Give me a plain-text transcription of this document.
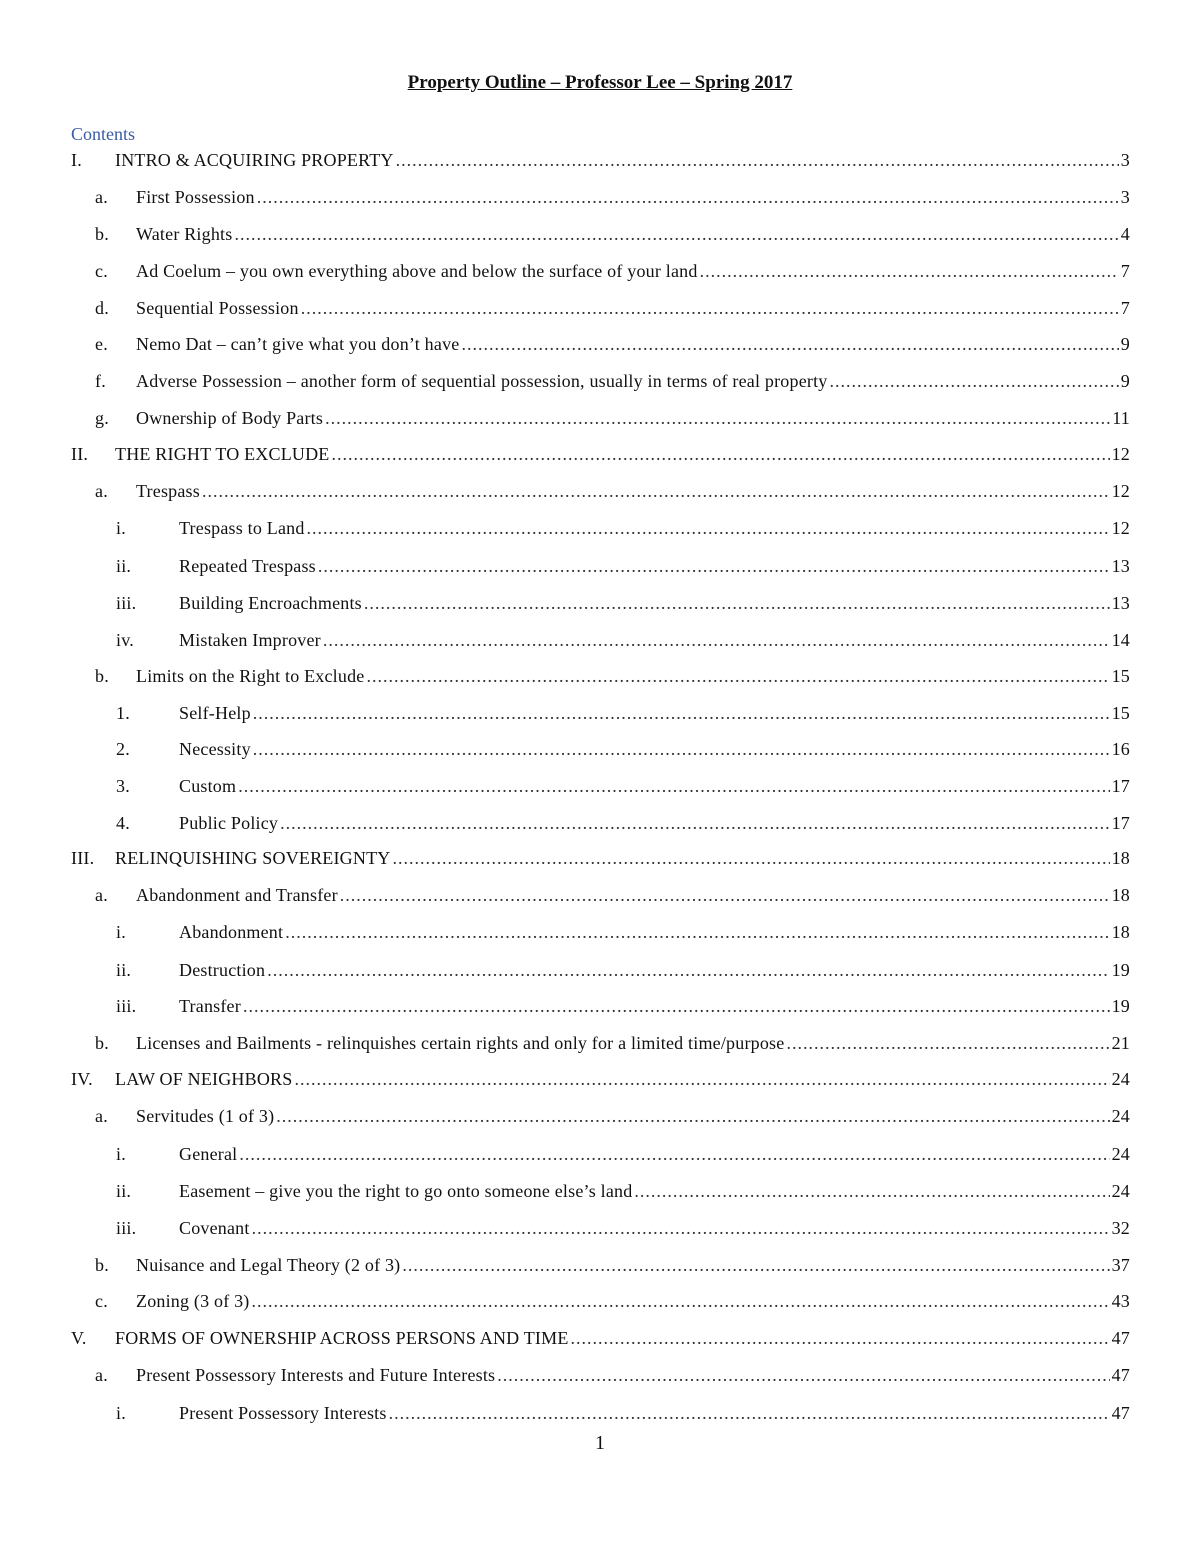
Property Outline – Professor Lee – Spring 2017
Contents
I. INTRO & ACQUIRING PROPERTY .....	3
a. First Possession .....	3
b. Water Rights .....	4
c. Ad Coelum – you own everything above and below the surface of your land .....	7
d. Sequential Possession .....	7
e. Nemo Dat – can’t give what you don’t have .....	9
f. Adverse Possession – another form of sequential possession, usually in terms of real property .....	9
g. Ownership of Body Parts .....	11
II. THE RIGHT TO EXCLUDE .....	12
a. Trespass .....	12
i.	Trespass to Land .....	12
ii.	Repeated Trespass .....	13
iii. Building Encroachments .....	13
iv.	Mistaken Improver .....	14
b. Limits on the Right to Exclude .....	15
1.	Self-Help .....	15
2.	Necessity .....	16
3.	Custom .....	17
4.	Public Policy .....	17
III. RELINQUISHING SOVEREIGNTY .....	18
a. Abandonment and Transfer .....	18
i.	Abandonment .....	18
ii.	Destruction .....	19
iii. Transfer .....	19
b. Licenses and Bailments - relinquishes certain rights and only for a limited time/purpose .....	21
IV. LAW OF NEIGHBORS .....	24
a. Servitudes (1 of 3) .....	24
i.	General .....	24
ii.	Easement – give you the right to go onto someone else’s land .....	24
iii. Covenant .....	32
b. Nuisance and Legal Theory (2 of 3) .....	37
c. Zoning (3 of 3) .....	43
V. FORMS OF OWNERSHIP ACROSS PERSONS AND TIME .....	47
a. Present Possessory Interests and Future Interests .....	47
i.	Present Possessory Interests .....	47
1
